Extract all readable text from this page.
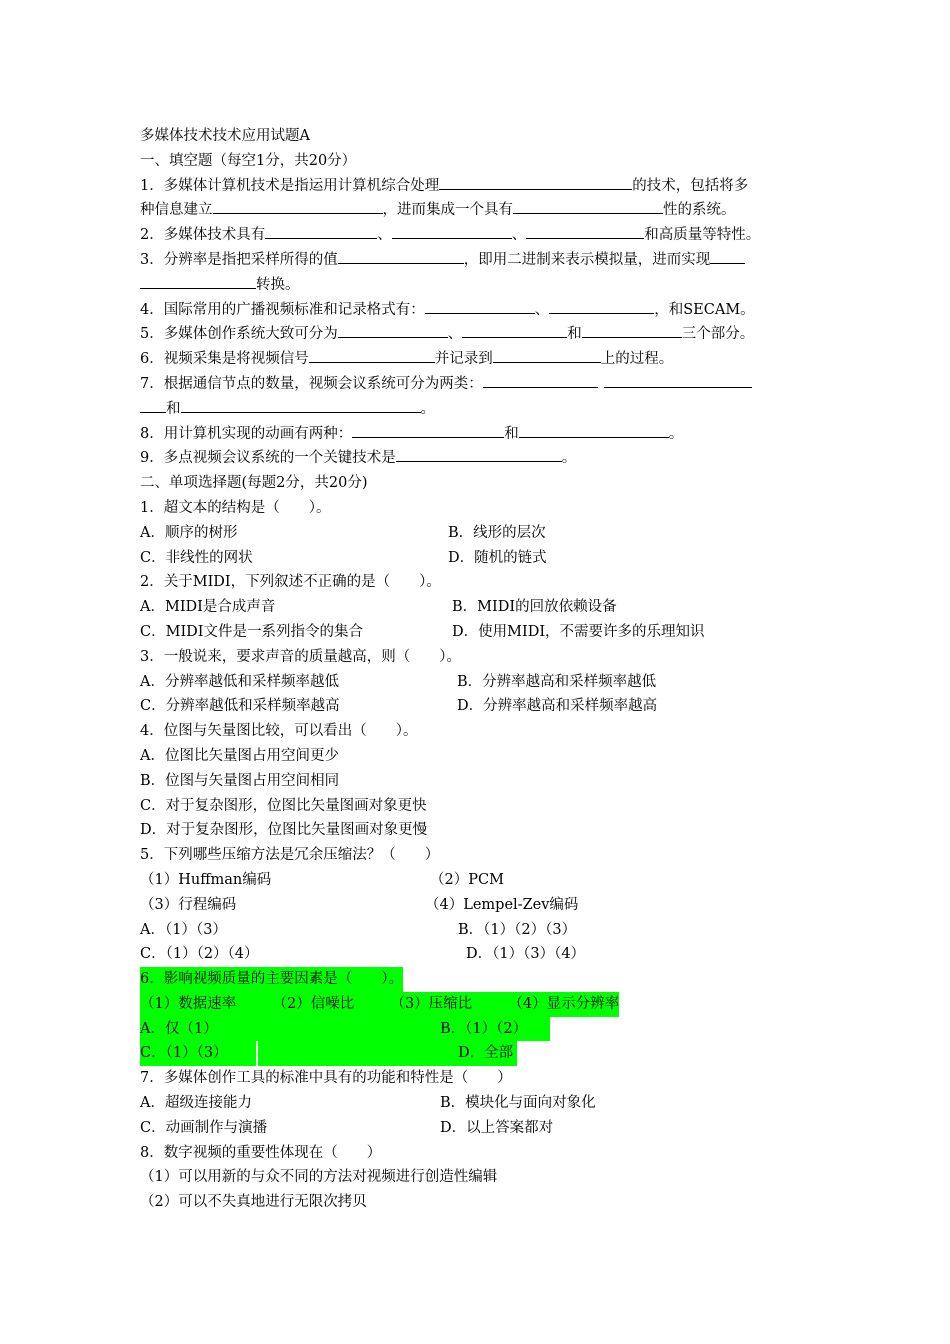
多媒体技术技术应用试题A
一、填空题（每空1分，共20分）
1．多媒体计算机技术是指运用计算机综合处理	的技术，包括将多
种信息建立	，进而集成一个具有	性的系统。
2．多媒体技术具有	、	、	和高质量等特性。
3．分辨率是指把采样所得的值	，即用二进制来表示模拟量，进而实现
转换。
4．国际常用的广播视频标准和记录格式有：	、	，和SECAM。
5．多媒体创作系统大致可分为	、	和	三个部分。
6．视频采集是将视频信号	并记录到	上的过程。
7．根据通信节点的数量，视频会议系统可分为两类：
和	。
8．用计算机实现的动画有两种：	和	。
9．多点视频会议系统的一个关键技术是	。
二、单项选择题(每题2分，共20分)
1．超文本的结构是（　　）。
A．顺序的树形	B．线形的层次
C．非线性的网状	D．随机的链式
2．关于MIDI，下列叙述不正确的是（　　）。
A．MIDI是合成声音	B．MIDI的回放依赖设备
C．MIDI文件是一系列指令的集合	D．使用MIDI，不需要许多的乐理知识
3．一般说来，要求声音的质量越高，则（　　）。
A．分辨率越低和采样频率越低	B．分辨率越高和采样频率越低
C．分辨率越低和采样频率越高	D．分辨率越高和采样频率越高
4．位图与矢量图比较，可以看出（　　）。
A．位图比矢量图占用空间更少
B．位图与矢量图占用空间相同
C．对于复杂图形，位图比矢量图画对象更快
D．对于复杂图形，位图比矢量图画对象更慢
5．下列哪些压缩方法是冗余压缩法？（　　）
（1）Huffman编码	（2）PCM
（3）行程编码	（4）Lempel-Zev编码
A．（1）（3）	B．（1）（2）（3）
C．（1）（2）（4）	D．（1）（3）（4）
6．影响视频质量的主要因素是（　　）。
（1）数据速率　　　（2）信噪比　　　（3）压缩比　　　（4）显示分辨率
A．仅（1）	B．（1）（2）
C．（1）（3）	D．全部
7．多媒体创作工具的标准中具有的功能和特性是（　　）
A．超级连接能力	B．模块化与面向对象化
C．动画制作与演播	D．以上答案都对
8．数字视频的重要性体现在（　　）
（1）可以用新的与众不同的方法对视频进行创造性编辑
（2）可以不失真地进行无限次拷贝
